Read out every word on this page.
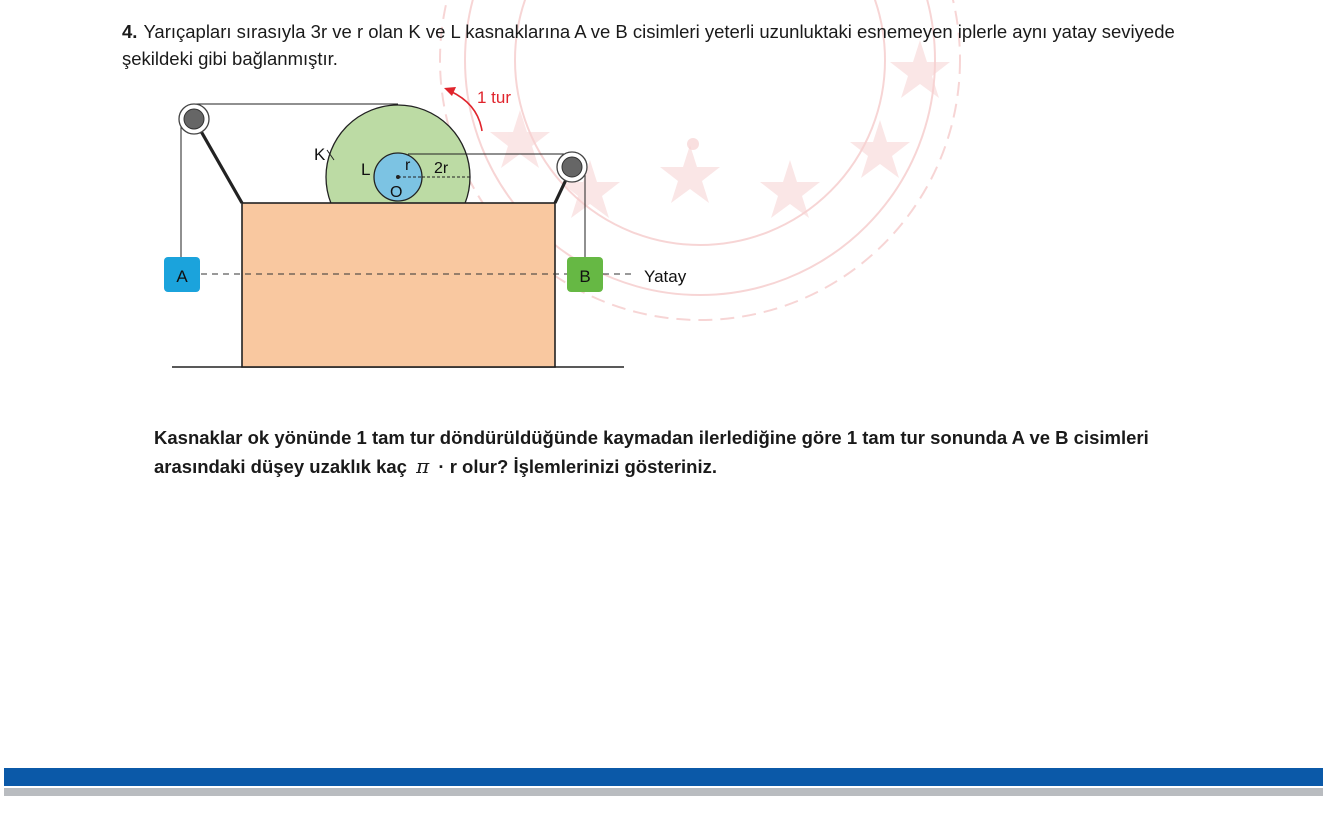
4. Yarıçapları sırasıyla 3r ve r olan K ve L kasnaklarına A ve B cisimleri yeterli uzunluktaki esnemeyen iplerle aynı yatay seviyede şekildeki gibi bağlanmıştır.
A	B	Yatay
K
L r 2r
O
1 tur
Kasnaklar ok yönünde 1 tam tur döndürüldüğünde kaymadan ilerlediğine göre 1 tam tur sonunda A ve B cisimleri arasındaki düşey uzaklık kaç π · r olur? İşlemlerinizi gösteriniz.
